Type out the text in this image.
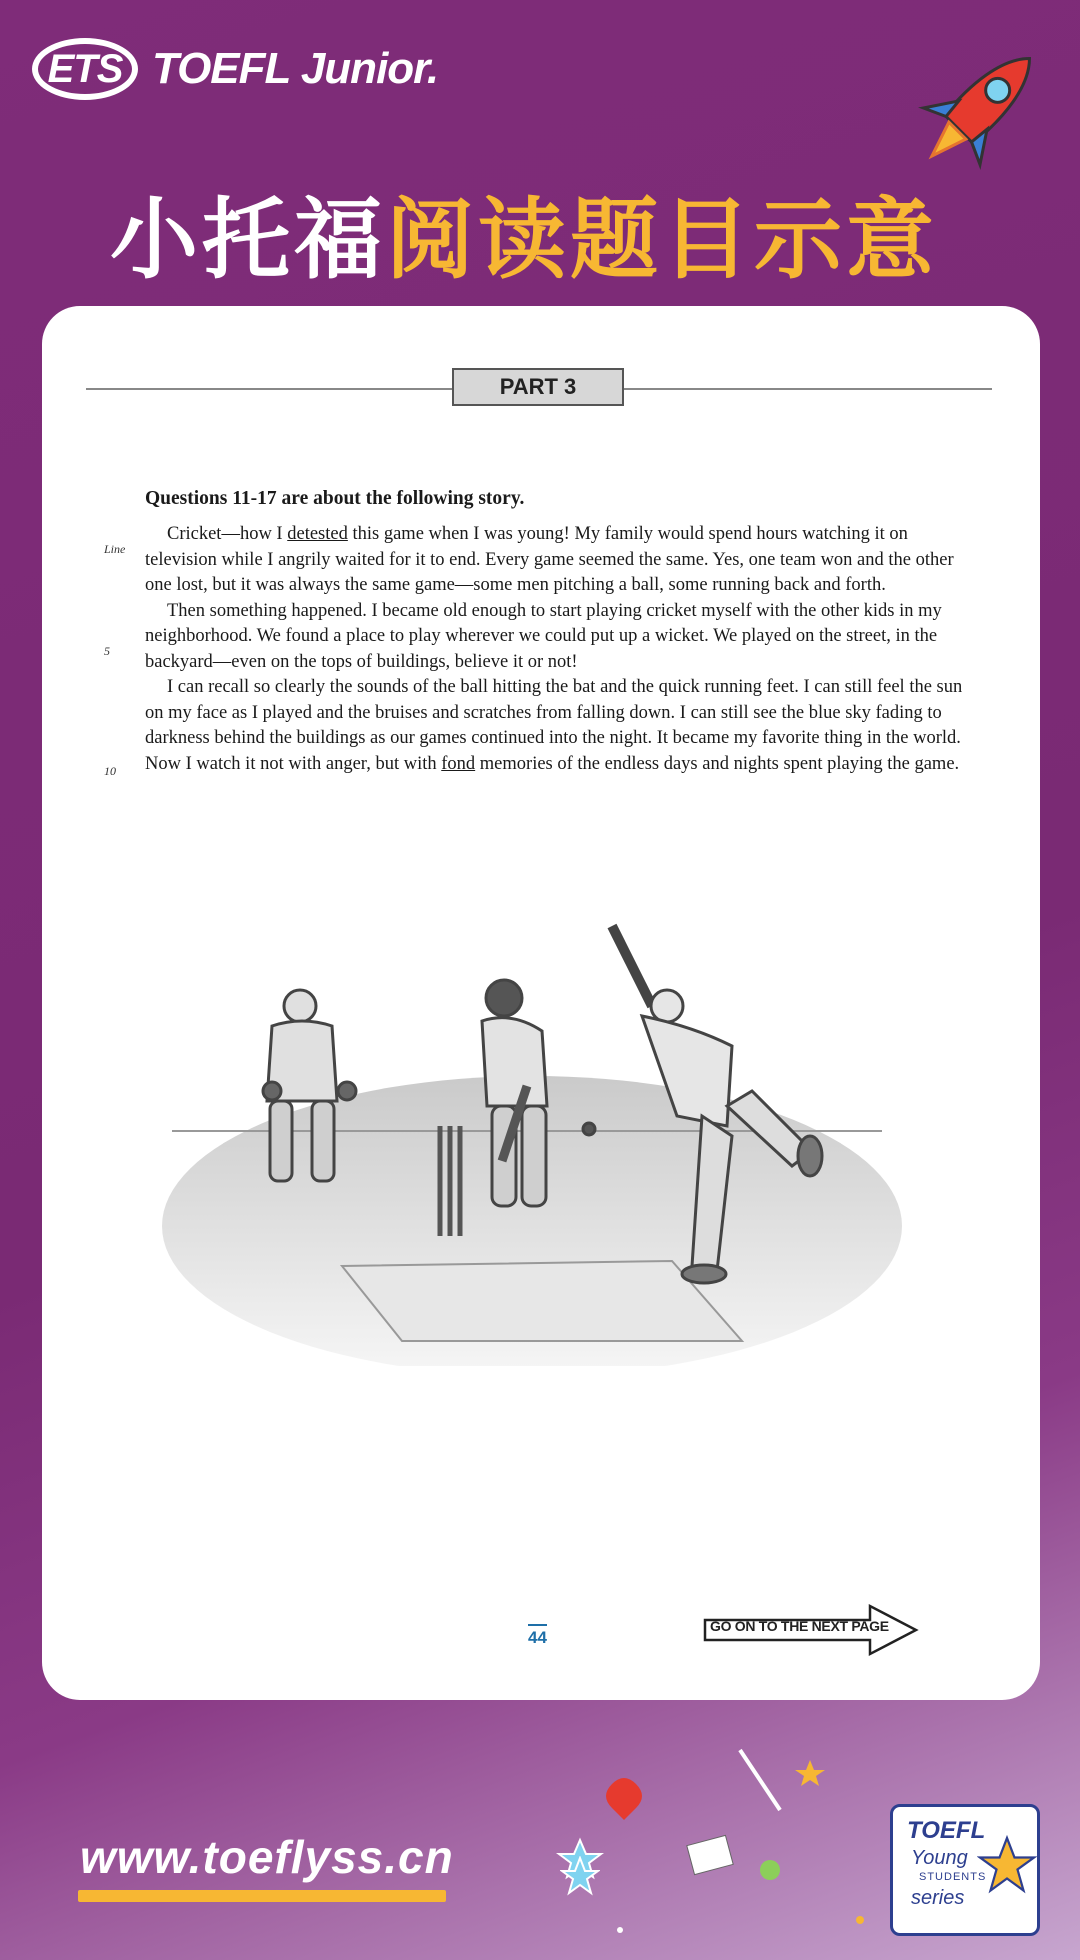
ETS TOEFL Junior.
小托福阅读题目示意
PART 3
Line
5
10
Questions 11-17 are about the following story.

Cricket—how I detested this game when I was young! My family would spend hours watching it on television while I angrily waited for it to end. Every game seemed the same. Yes, one team won and the other one lost, but it was always the same game—some men pitching a ball, some running back and forth.

Then something happened. I became old enough to start playing cricket myself with the other kids in my neighborhood. We found a place to play wherever we could put up a wicket. We played on the street, in the backyard—even on the tops of buildings, believe it or not!

I can recall so clearly the sounds of the ball hitting the bat and the quick running feet. I can still feel the sun on my face as I played and the bruises and scratches from falling down. I can still see the blue sky fading to darkness behind the buildings as our games continued into the night. It became my favorite thing in the world. Now I watch it not with anger, but with fond memories of the endless days and nights spent playing the game.

44
GO ON TO THE NEXT PAGE
www.toeflyss.cn
TOEFL
Young
STUDENTS
series
